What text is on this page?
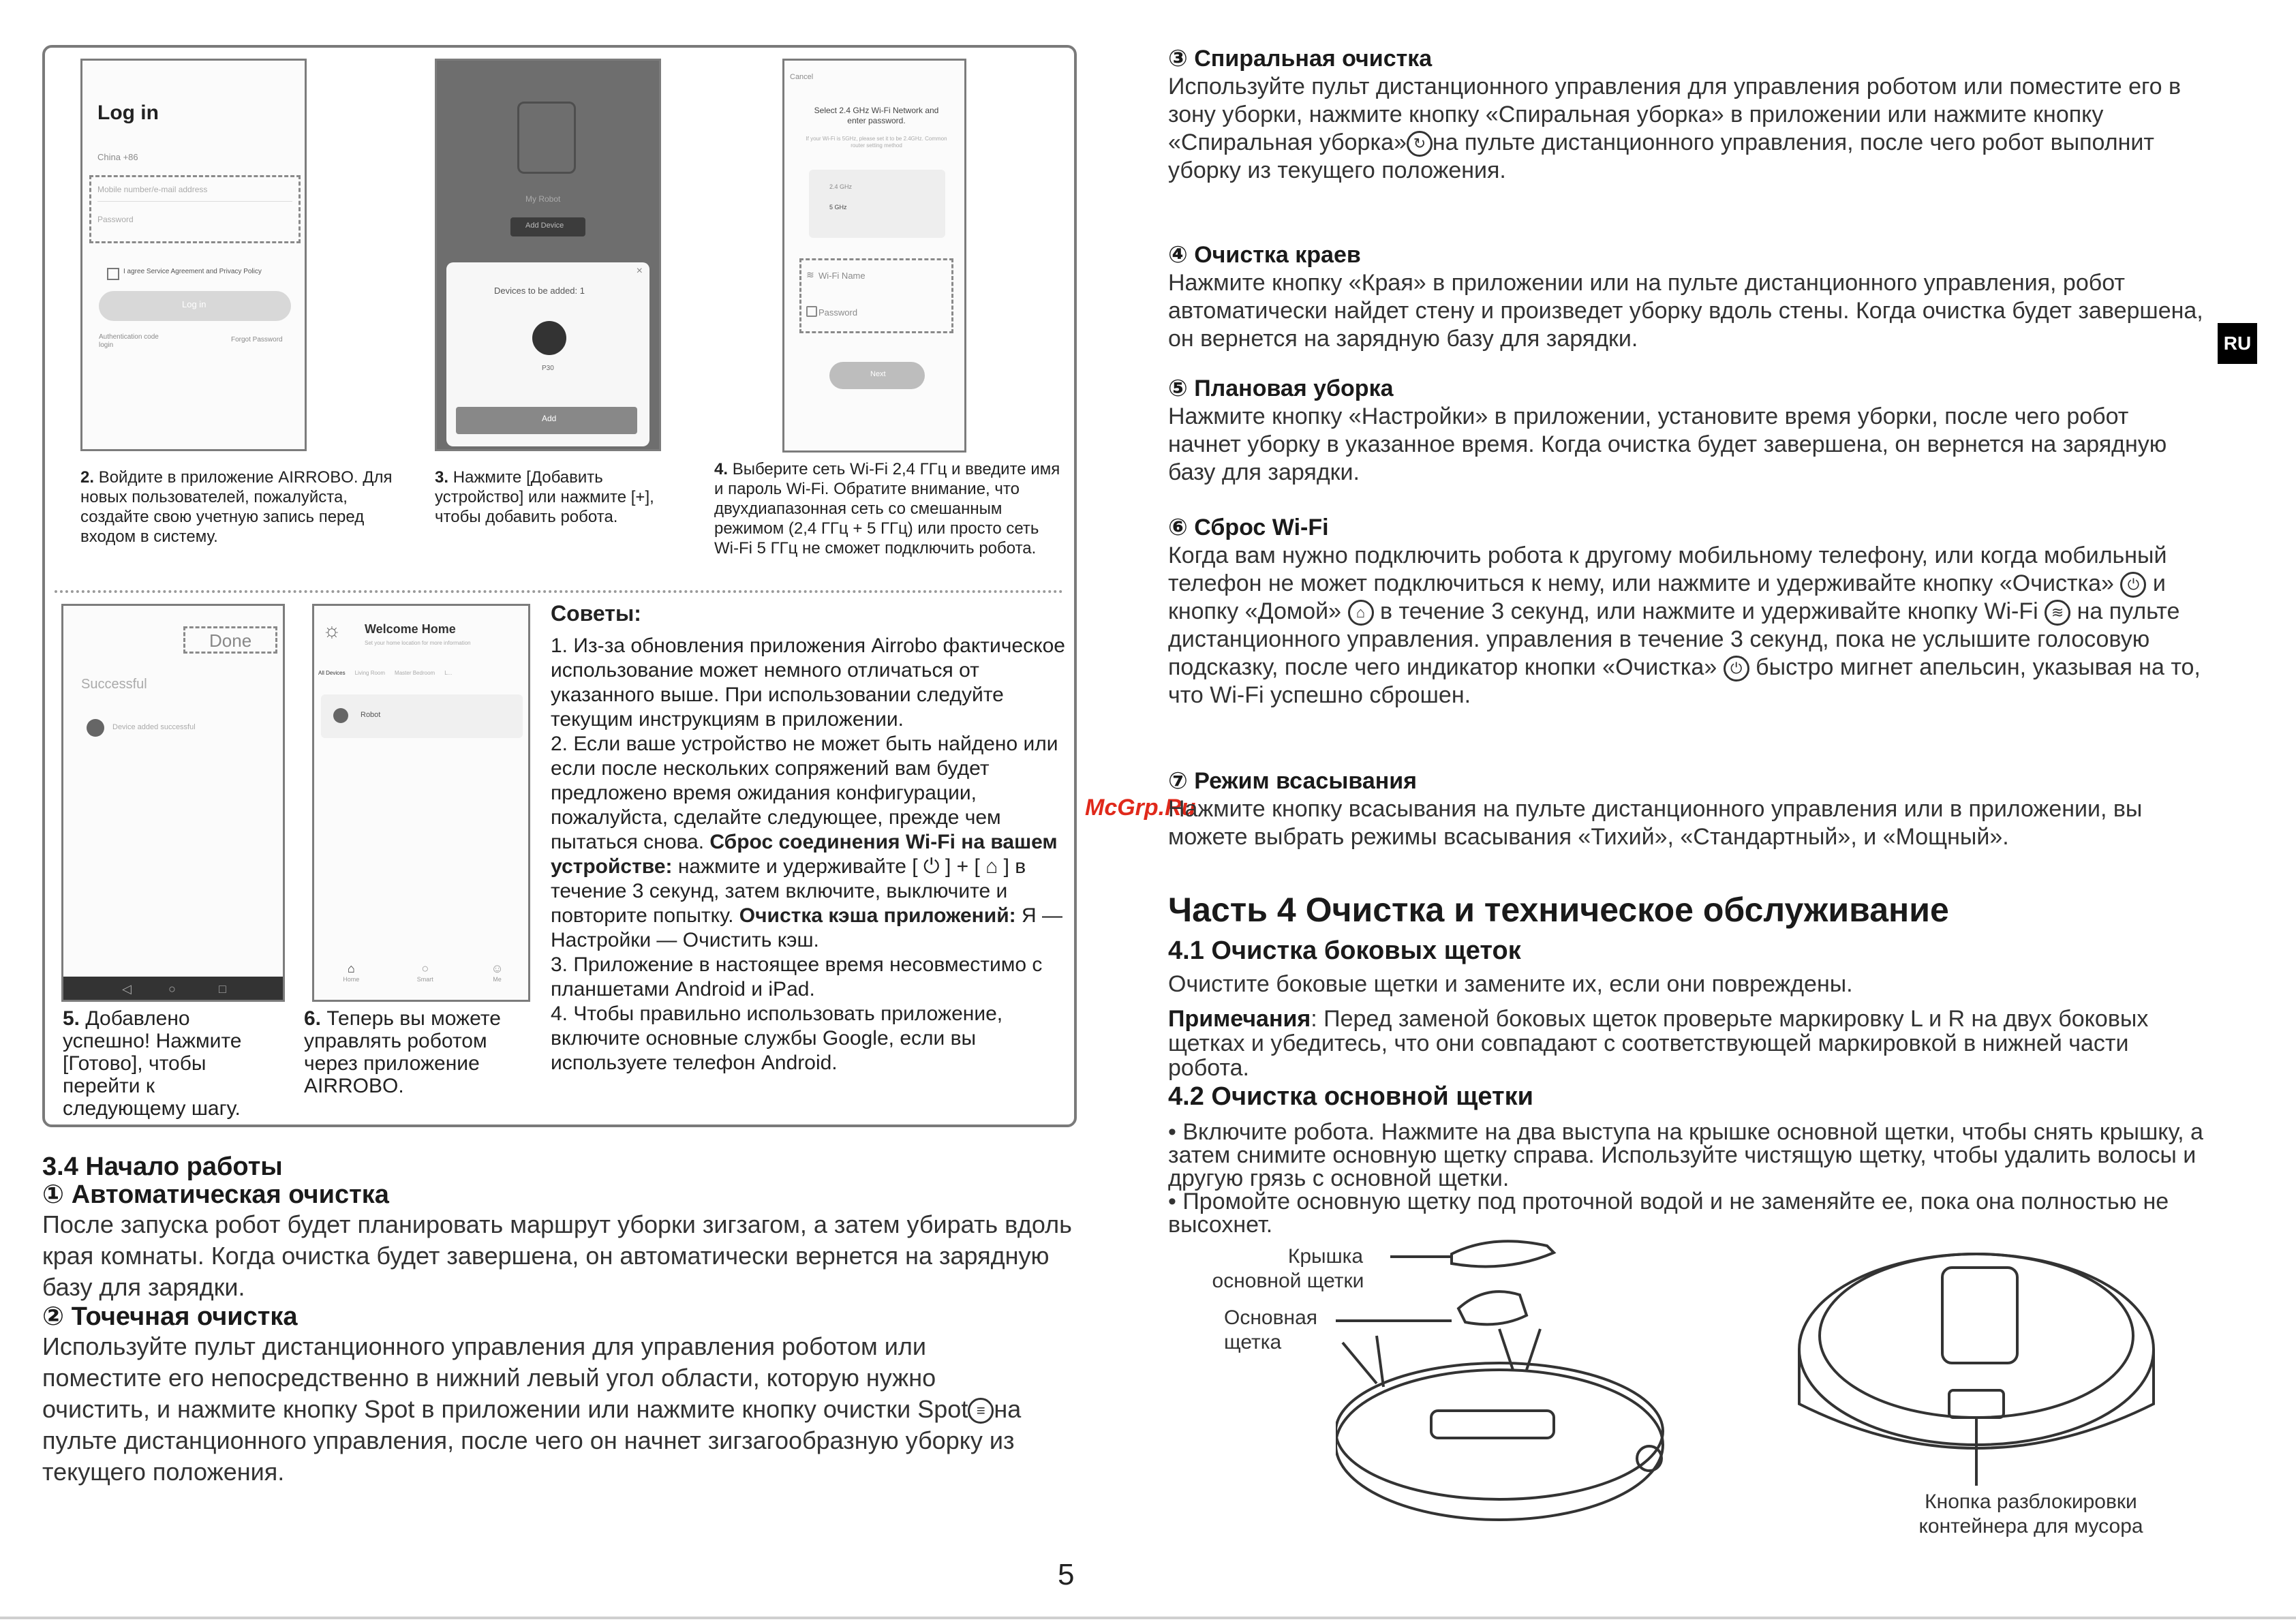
Log in
China +86
Mobile number/e-mail address
Password
I agree Service Agreement and Privacy Policy
Log in
Authentication code login
Forgot Password
My Robot
Add Device
×
Devices to be added: 1
P30
Add
Cancel
Select 2.4 GHz Wi-Fi Network and enter password.
If your Wi-Fi is 5GHz, please set it to be 2.4GHz. Common router setting method
2.4 GHz
5 GHz
Wi-Fi Name
≋
Password
Next
2. Войдите в приложение AIRROBO. Для новых пользователей, пожалуйста, создайте свою учетную запись перед входом в систему.
3. Нажмите [Добавить устройство] или нажмите [+], чтобы добавить робота.
4. Выберите сеть Wi-Fi 2,4 ГГц и введите имя и пароль Wi-Fi. Обратите внимание, что двухдиапазонная сеть со смешанным режимом (2,4 ГГц + 5 ГГц) или просто сеть Wi-Fi 5 ГГц не сможет подключить робота.
Done
Successful
Device added successful
◁	○	□
☼ Welcome Home
Set your home location for more information
All Devices Living Room Master Bedroom L...
Robot
⌂
Home
○
Smart
☺
Me
5. Добавлено успешно! Нажмите [Готово], чтобы перейти к следующему шагу.
6. Теперь вы можете управлять роботом через приложение AIRROBO.
Советы:

1. Из-за обновления приложения Airrobo фактическое использование может немного отличаться от указанного выше. При использовании следуйте текущим инструкциям в приложении.

2. Если ваше устройство не может быть найдено или если после нескольких сопряжений вам будет предложено время ожидания конфигурации, пожалуйста, сделайте следующее, прежде чем пытаться снова. Сброс соединения Wi-Fi на вашем устройстве: нажмите и удерживайте [ ⏻ ] + [ ⌂ ] в течение 3 секунд, затем включите, выключите и повторите попытку. Очистка кэша приложений: Я — Настройки — Очистить кэш.

3. Приложение в настоящее время несовместимо с планшетами Android и iPad.

4. Чтобы правильно использовать приложение, включите основные службы Google, если вы используете телефон Android.

3.4 Начало работы
① Автоматическая очистка

После запуска робот будет планировать маршрут уборки зигзагом, а затем убирать вдоль края комнаты. Когда очистка будет завершена, он автоматически вернется на зарядную базу для зарядки.

② Точечная очистка

Используйте пульт дистанционного управления для управления роботом или поместите его непосредственно в нижний левый угол области, которую нужно очистить, и нажмите кнопку Spot в приложении или нажмите кнопку очистки Spot ≡ на пульте дистанционного управления, после чего он начнет зигзагообразную уборку из текущего положения.

5
McGrp.Ru
RU
③ Спиральная очистка

Используйте пульт дистанционного управления для управления роботом или поместите его в зону уборки, нажмите кнопку «Спиральная уборка» в приложении или нажмите кнопку «Спиральная уборка» ↻ на пульте дистанционного управления, после чего робот выполнит уборку из текущего положения.

④ Очистка краев

Нажмите кнопку «Края» в приложении или на пульте дистанционного управления, робот автоматически найдет стену и произведет уборку вдоль стены. Когда очистка будет завершена, он вернется на зарядную базу для зарядки.

⑤ Плановая уборка

Нажмите кнопку «Настройки» в приложении, установите время уборки, после чего робот начнет уборку в указанное время. Когда очистка будет завершена, он вернется на зарядную базу для зарядки.

⑥ Сброс Wi-Fi

Когда вам нужно подключить робота к другому мобильному телефону, или когда мобильный телефон не может подключиться к нему, или нажмите и удерживайте кнопку «Очистка» ⏻ и кнопку «Домой» ⌂ в течение 3 секунд, или нажмите и удерживайте кнопку Wi-Fi ≋ на пульте дистанционного управления. управления в течение 3 секунд, пока не услышите голосовую подсказку, после чего индикатор кнопки «Очистка» ⏻ быстро мигнет апельсин, указывая на то, что Wi-Fi успешно сброшен.

⑦ Режим всасывания

Нажмите кнопку всасывания на пульте дистанционного управления или в приложении, вы можете выбрать режимы всасывания «Тихий», «Стандартный», и «Мощный».

Часть 4 Очистка и техническое обслуживание
4.1 Очистка боковых щеток

Очистите боковые щетки и замените их, если они повреждены.

Примечания: Перед заменой боковых щеток проверьте маркировку L и R на двух боковых щетках и убедитесь, что они совпадают с соответствующей маркировкой в нижней части робота.

4.2 Очистка основной щетки

• Включите робота. Нажмите на два выступа на крышке основной щетки, чтобы снять крышку, а затем снимите основную щетку справа. Используйте чистящую щетку, чтобы удалить волосы и другую грязь с основной щетки.

• Промойте основную щетку под проточной водой и не заменяйте ее, пока она полностью не высохнет.

Крышка
основной щетки
Основная
щетка
Кнопка разблокировки
контейнера для мусора
